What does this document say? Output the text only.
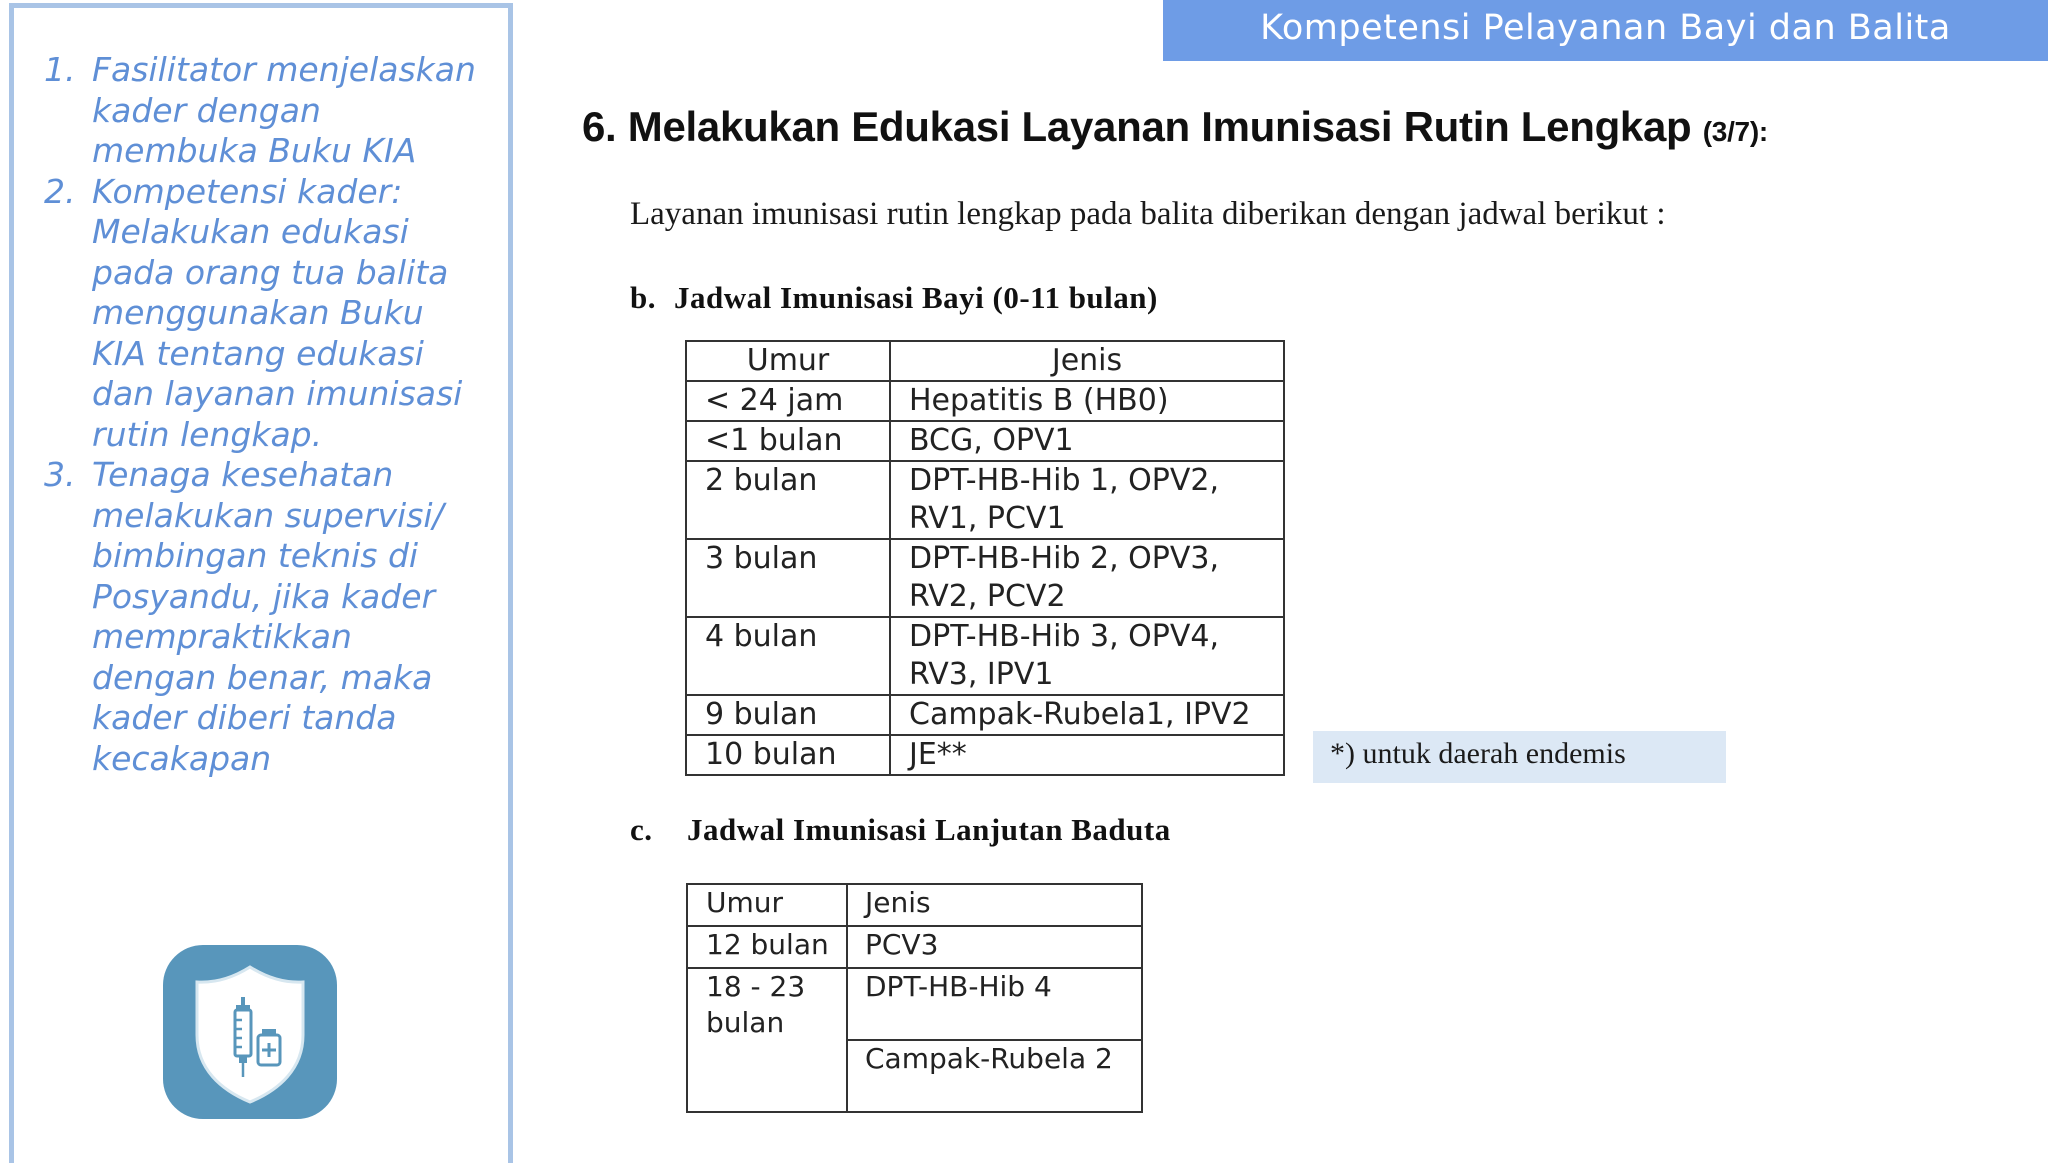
1. Fasilitator menjelaskan kader dengan membuka Buku KIA
2. Kompetensi kader: Melakukan edukasi pada orang tua balita menggunakan Buku KIA tentang edukasi dan layanan imunisasi rutin lengkap.
3. Tenaga kesehatan melakukan supervisi/ bimbingan teknis di Posyandu, jika kader mempraktikkan dengan benar, maka kader diberi tanda kecakapan
Kompetensi Pelayanan Bayi dan Balita
6. Melakukan Edukasi Layanan Imunisasi Rutin Lengkap (3/7):
Layanan imunisasi rutin lengkap pada balita diberikan dengan jadwal berikut :
b. Jadwal Imunisasi Bayi (0-11 bulan)
Umur	Jenis
< 24 jam	Hepatitis B (HB0)
<1 bulan	BCG, OPV1
2 bulan	DPT-HB-Hib 1, OPV2, RV1, PCV1
3 bulan	DPT-HB-Hib 2, OPV3, RV2, PCV2
4 bulan	DPT-HB-Hib 3, OPV4, RV3, IPV1
9 bulan	Campak-Rubela1, IPV2
10 bulan	JE**	*) untuk daerah endemis
c. Jadwal Imunisasi Lanjutan Baduta
Umur	Jenis
12 bulan	PCV3
18 - 23 bulan	DPT-HB-Hib 4
	Campak-Rubela 2
